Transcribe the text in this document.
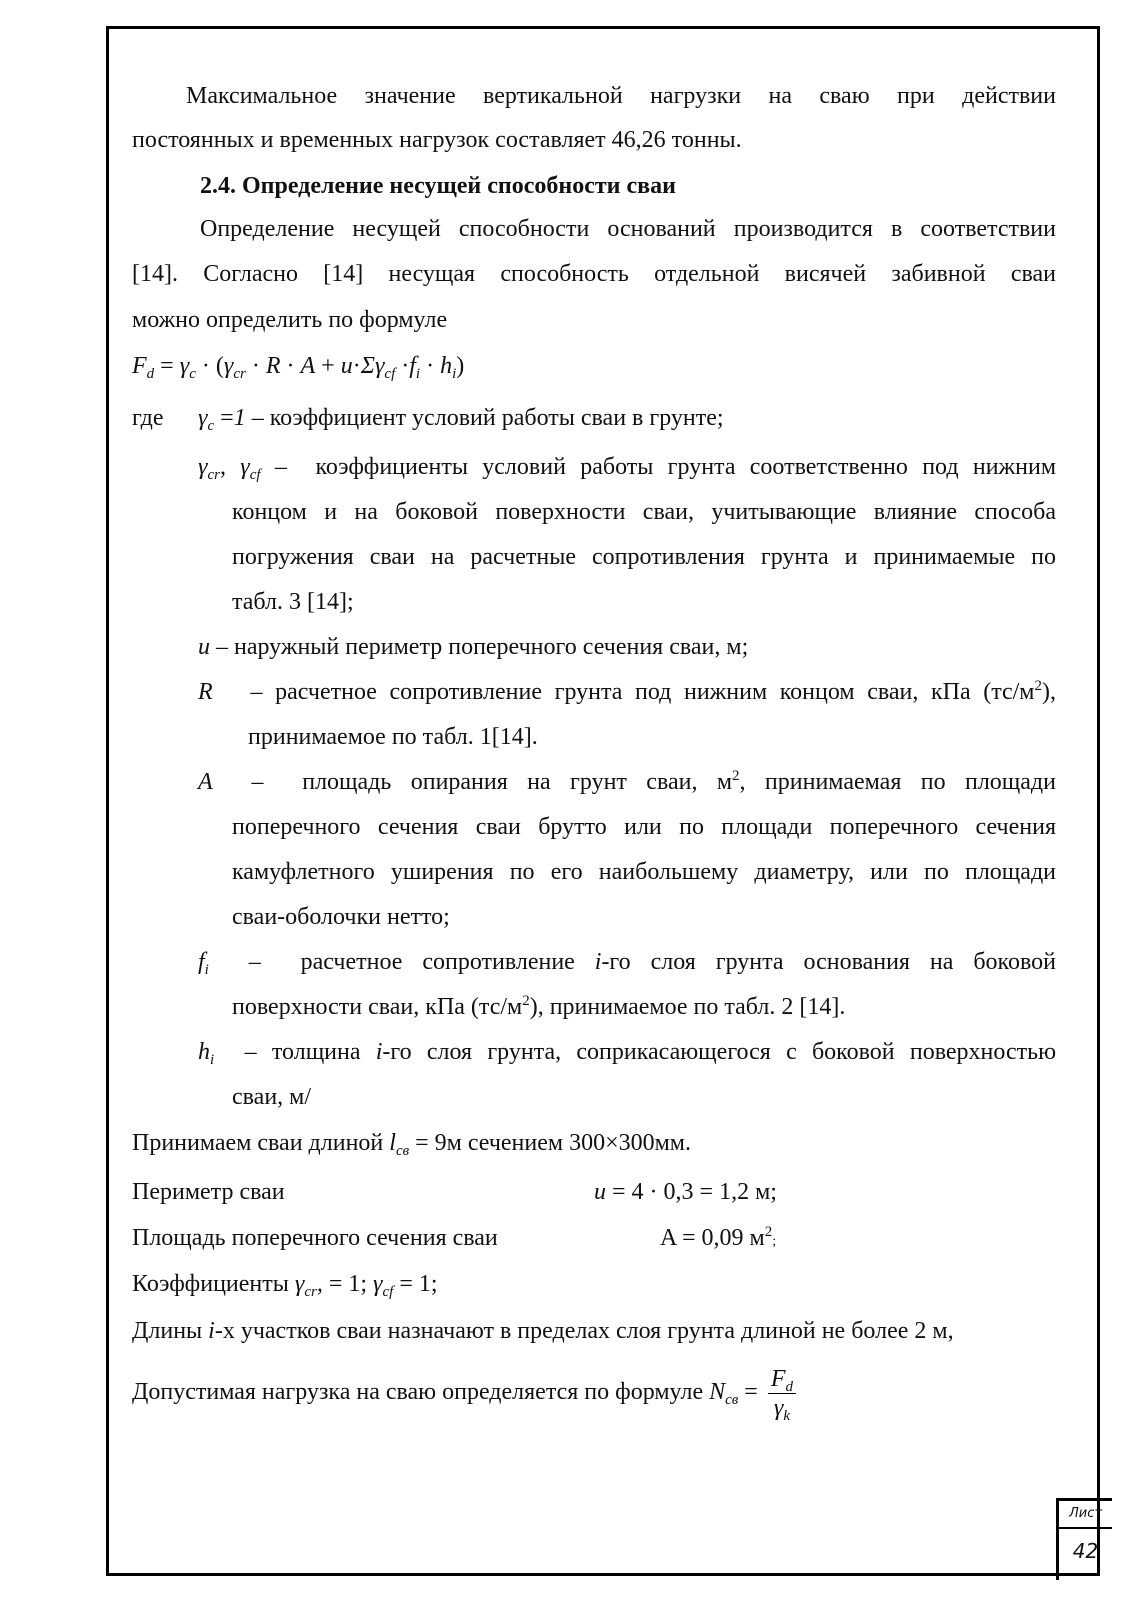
Максимальное значение вертикальной нагрузки на сваю при действии
постоянных и временных нагрузок составляет 46,26 тонны.
2.4. Определение несущей способности сваи
Определение несущей способности оснований производится в соответствии
[14]. Согласно [14] несущая способность отдельной висячей забивной сваи
можно определить по формуле
$F_d = \gamma_c \cdot (\gamma_{cr} \cdot R \cdot A + u\cdot\Sigma\gamma_{cf} \cdot f_i \cdot h_i)$
где $\gamma_c =1$ – коэффициент условий работы сваи в грунте;
$\gamma_{cr}$, $\gamma_{cf}$ –  коэффициенты условий работы грунта соответственно под нижним
концом и на боковой поверхности сваи, учитывающие влияние способа
погружения сваи на расчетные сопротивления грунта и принимаемые по
табл. 3 [14];
u – наружный периметр поперечного сечения сваи, м;
R   – расчетное сопротивление грунта под нижним концом сваи, кПа $(тс/м^2)$,
принимаемое по табл. 1[14].
A  –  площадь опирания на грунт сваи, $м^2$, принимаемая по площади
поперечного сечения сваи брутто или по площади поперечного сечения
камуфлетного уширения по его наибольшему диаметру, или по площади
сваи-оболочки нетто;
$f_i$  –  расчетное сопротивление i-го слоя грунта основания на боковой
поверхности сваи, кПа $(тс/м^2)$, принимаемое по табл. 2 [14].
$h_i$  – толщина i-го слоя грунта, соприкасающегося с боковой поверхностью
сваи, м/
Принимаем сваи длиной $l_{св} = 9м$ сечением 300×300мм.
Периметр сваи	u = 4 · 0,3 = 1,2 м;
Площадь поперечного сечения сваи	A = 0,09 $м^2$;
Коэффициенты $\gamma_{cr}$, = 1; $\gamma_{cf} = 1$;
Длины i-х участков сваи назначают в пределах слоя грунта длиной не более 2 м,
Допустимая нагрузка на сваю определяется по формуле $N_{св} = \frac{F_d}{\gamma_k}$
Лист
42
